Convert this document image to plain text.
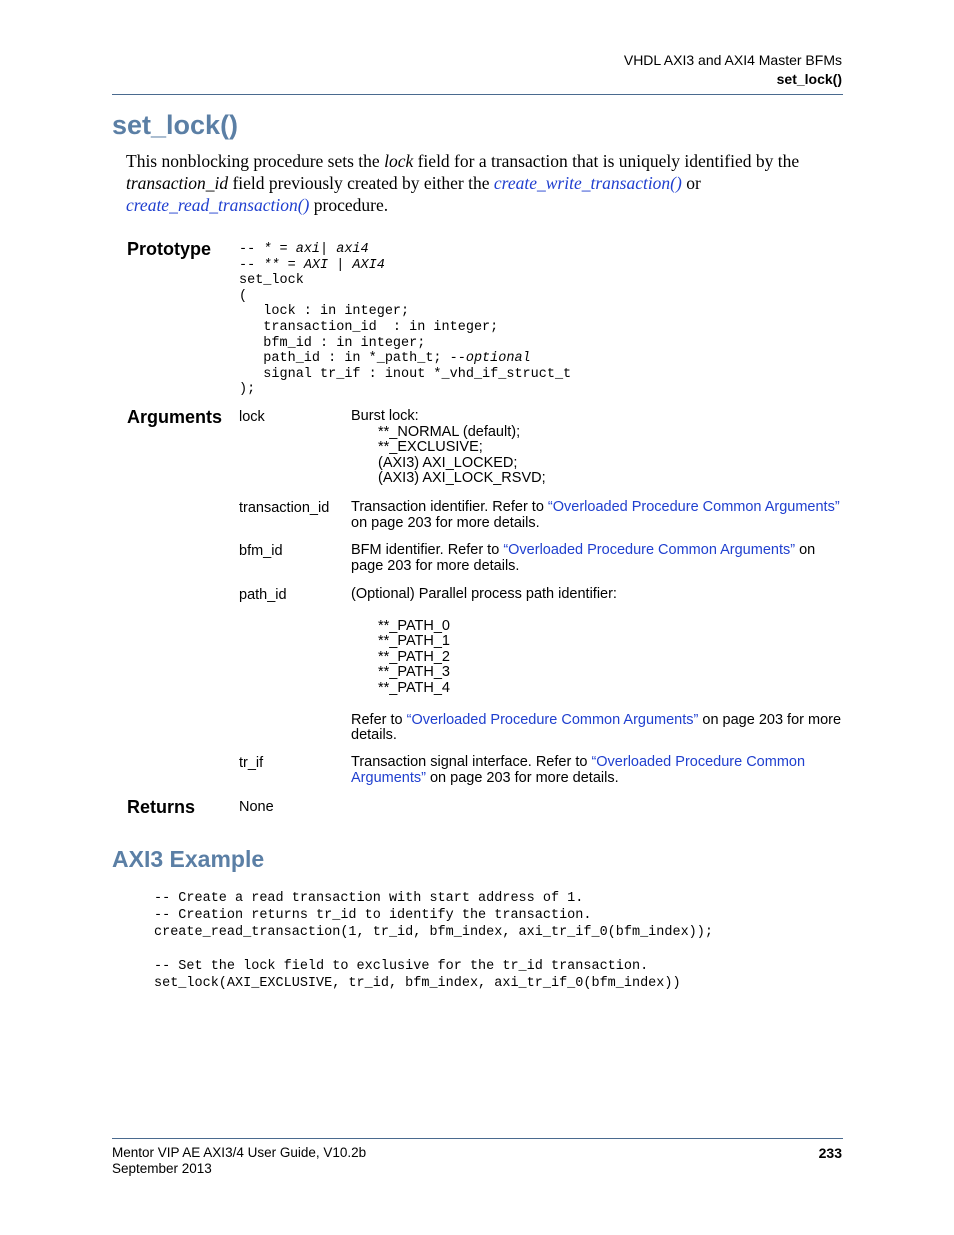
VHDL AXI3 and AXI4 Master BFMs
set_lock()
set_lock()
This nonblocking procedure sets the lock field for a transaction that is uniquely identified by the transaction_id field previously created by either the create_write_transaction() or create_read_transaction() procedure.
Prototype -- * = axi| axi4
-- ** = AXI | AXI4
set_lock
(
lock : in integer;
transaction_id  : in integer;
bfm_id : in integer;
path_id : in *_path_t; --optional
signal tr_if : inout *_vhd_if_struct_t
);
Arguments lock	Burst lock:
**_NORMAL (default);
**_EXCLUSIVE;
(AXI3) AXI_LOCKED;
(AXI3) AXI_LOCK_RSVD;
transaction_id Transaction identifier. Refer to “Overloaded Procedure Common Arguments” on page 203 for more details.
bfm_id	BFM identifier. Refer to “Overloaded Procedure Common Arguments” on page 203 for more details.
path_id	(Optional) Parallel process path identifier:
**_PATH_0
**_PATH_1
**_PATH_2
**_PATH_3
**_PATH_4
Refer to “Overloaded Procedure Common Arguments” on page 203 for more details.
tr_if	Transaction signal interface. Refer to “Overloaded Procedure Common Arguments” on page 203 for more details.
Returns	None
AXI3 Example
-- Create a read transaction with start address of 1.
-- Creation returns tr_id to identify the transaction.
create_read_transaction(1, tr_id, bfm_index, axi_tr_if_0(bfm_index));

-- Set the lock field to exclusive for the tr_id transaction.
set_lock(AXI_EXCLUSIVE, tr_id, bfm_index, axi_tr_if_0(bfm_index))
Mentor VIP AE AXI3/4 User Guide, V10.2b
September 2013
233
